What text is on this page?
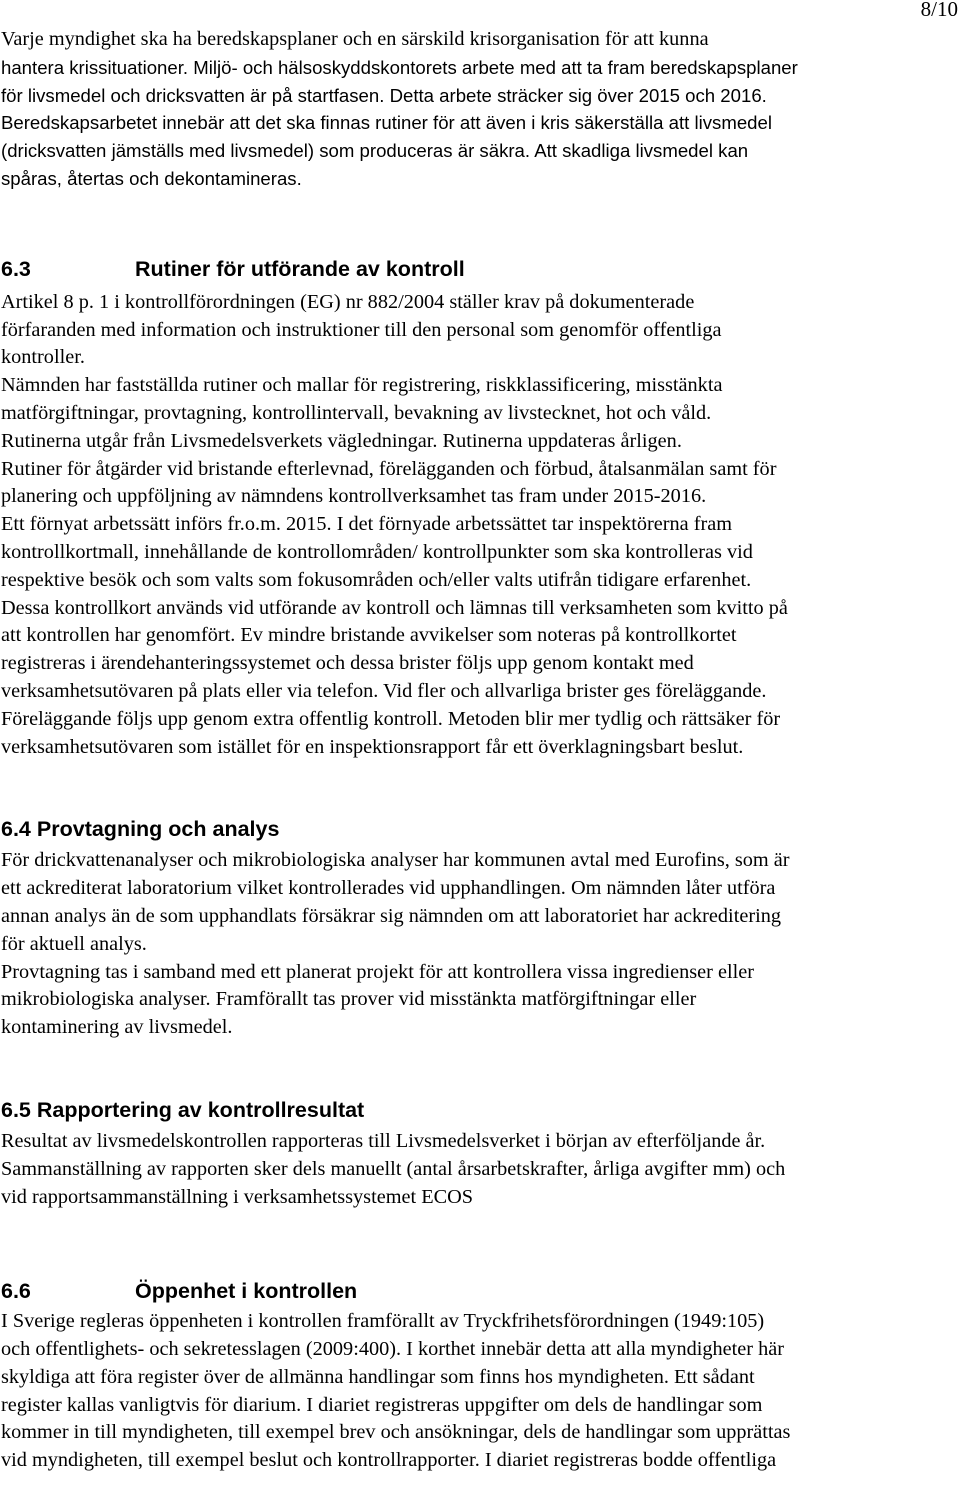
8/10
Varje myndighet ska ha beredskapsplaner och en särskild krisorganisation för att kunna
hantera krissituationer. Miljö- och hälsoskyddskontorets arbete med att ta fram beredskapsplaner
för livsmedel och dricksvatten är på startfasen. Detta arbete sträcker sig över 2015 och 2016.
Beredskapsarbetet innebär att det ska finnas rutiner för att även i kris säkerställa att livsmedel
(dricksvatten jämställs med livsmedel) som produceras är säkra. Att skadliga livsmedel kan
spåras, återtas och dekontamineras.
6.3	Rutiner för utförande av kontroll
Artikel 8 p. 1 i kontrollförordningen (EG) nr 882/2004 ställer krav på dokumenterade
förfaranden med information och instruktioner till den personal som genomför offentliga
kontroller.
Nämnden har fastställda rutiner och mallar för registrering, riskklassificering, misstänkta
matförgiftningar, provtagning, kontrollintervall, bevakning av livstecknet, hot och våld.
Rutinerna utgår från Livsmedelsverkets vägledningar. Rutinerna uppdateras årligen.
Rutiner för åtgärder vid bristande efterlevnad, förelägganden och förbud, åtalsanmälan samt för
planering och uppföljning av nämndens kontrollverksamhet tas fram under 2015-2016.
Ett förnyat arbetssätt införs fr.o.m. 2015. I det förnyade arbetssättet tar inspektörerna fram
kontrollkortmall, innehållande de kontrollområden/ kontrollpunkter som ska kontrolleras vid
respektive besök och som valts som fokusområden och/eller valts utifrån tidigare erfarenhet.
Dessa kontrollkort används vid utförande av kontroll och lämnas till verksamheten som kvitto på
att kontrollen har genomfört. Ev mindre bristande avvikelser som noteras på kontrollkortet
registreras i ärendehanteringssystemet och dessa brister följs upp genom kontakt med
verksamhetsutövaren på plats eller via telefon. Vid fler och allvarliga brister ges föreläggande.
Föreläggande följs upp genom extra offentlig kontroll. Metoden blir mer tydlig och rättsäker för
verksamhetsutövaren som istället för en inspektionsrapport får ett överklagningsbart beslut.
6.4 Provtagning och analys
För drickvattenanalyser och mikrobiologiska analyser har kommunen avtal med Eurofins, som är
ett ackrediterat laboratorium vilket kontrollerades vid upphandlingen. Om nämnden låter utföra
annan analys än de som upphandlats försäkrar sig nämnden om att laboratoriet har ackreditering
för aktuell analys.
Provtagning tas i samband med ett planerat projekt för att kontrollera vissa ingredienser eller
mikrobiologiska analyser. Framförallt tas prover vid misstänkta matförgiftningar eller
kontaminering av livsmedel.
6.5 Rapportering av kontrollresultat
Resultat av livsmedelskontrollen rapporteras till Livsmedelsverket i början av efterföljande år.
Sammanställning av rapporten sker dels manuellt (antal årsarbetskrafter, årliga avgifter mm) och
vid rapportsammanställning i verksamhetssystemet ECOS
6.6	Öppenhet i kontrollen
I Sverige regleras öppenheten i kontrollen framförallt av Tryckfrihetsförordningen (1949:105)
och offentlighets- och sekretesslagen (2009:400). I korthet innebär detta att alla myndigheter här
skyldiga att föra register över de allmänna handlingar som finns hos myndigheten. Ett sådant
register kallas vanligtvis för diarium. I diariet registreras uppgifter om dels de handlingar som
kommer in till myndigheten, till exempel brev och ansökningar, dels de handlingar som upprättas
vid myndigheten, till exempel beslut och kontrollrapporter. I diariet registreras bodde offentliga
